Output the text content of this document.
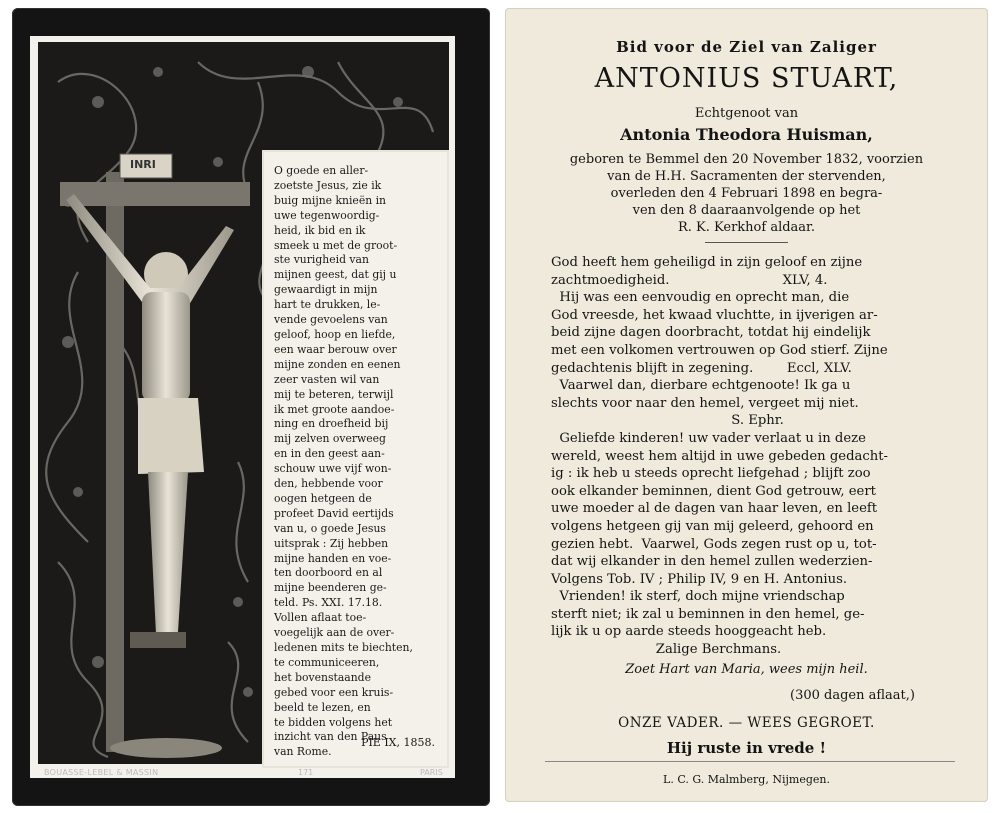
INRI	O goede en aller-
zoetste Jesus, zie ik
buig mijne knieën in
uwe tegenwoordig-
heid, ik bid en ik
smeek u met de groot-
ste vurigheid van
mijnen geest, dat gij u
gewaardigt in mijn
hart te drukken, le-
vende gevoelens van
geloof, hoop en liefde,
een waar berouw over
mijne zonden en eenen
zeer vasten wil van
mij te beteren, terwijl
ik met groote aandoe-
ning en droefheid bij
mij zelven overweeg
en in den geest aan-
schouw uwe vijf won-
den, hebbende voor
oogen hetgeen de
profeet David eertijds
van u, o goede Jesus
uitsprak : Zij hebben
mijne handen en voe-
ten doorboord en al
mijne beenderen ge-
teld. Ps. XXI. 17.18.
Vollen aflaat toe-
voegelijk aan de over-
ledenen mits te biechten,
te communiceeren,
het bovenstaande
gebed voor een kruis-
beeld te lezen, en
te bidden volgens het
inzicht van den Paus
van Rome.
PIE IX, 1858.
BOUASSE-LEBEL & MASSIN	171	PARIS
Bid voor de Ziel van Zaliger
ANTONIUS STUART,
Echtgenoot van
Antonia Theodora Huisman,
geboren te Bemmel den 20 November 1832, voorzien
van de H.H. Sacramenten der stervenden,
overleden den 4 Februari 1898 en begra-
ven den 8 daaraanvolgende op het
R. K. Kerkhof aldaar.
God heeft hem geheiligd in zijn geloof en zijne
zachtmoedigheid.                           XLV, 4.
Hij was een eenvoudig en oprecht man, die
God vreesde, het kwaad vluchtte, in ijverigen ar-
beid zijne dagen doorbracht, totdat hij eindelijk
met een volkomen vertrouwen op God stierf. Zijne
gedachtenis blijft in zegening.        Eccl, XLV.
Vaarwel dan, dierbare echtgenoote! Ik ga u
slechts voor naar den hemel, vergeet mij niet.
S. Ephr.
Geliefde kinderen! uw vader verlaat u in deze
wereld, weest hem altijd in uwe gebeden gedacht-
ig : ik heb u steeds oprecht liefgehad ; blijft zoo
ook elkander beminnen, dient God getrouw, eert
uwe moeder al de dagen van haar leven, en leeft
volgens hetgeen gij van mij geleerd, gehoord en
gezien hebt.  Vaarwel, Gods zegen rust op u, tot-
dat wij elkander in den hemel zullen wederzien-
Volgens Tob. IV ; Philip IV, 9 en H. Antonius.
Vrienden! ik sterf, doch mijne vriendschap
sterft niet; ik zal u beminnen in den hemel, ge-
lijk ik u op aarde steeds hooggeacht heb.
Zalige Berchmans.
Zoet Hart van Maria, wees mijn heil.
(300 dagen aflaat,)
ONZE VADER. — WEES GEGROET.
Hij ruste in vrede !
L. C. G. Malmberg, Nijmegen.
